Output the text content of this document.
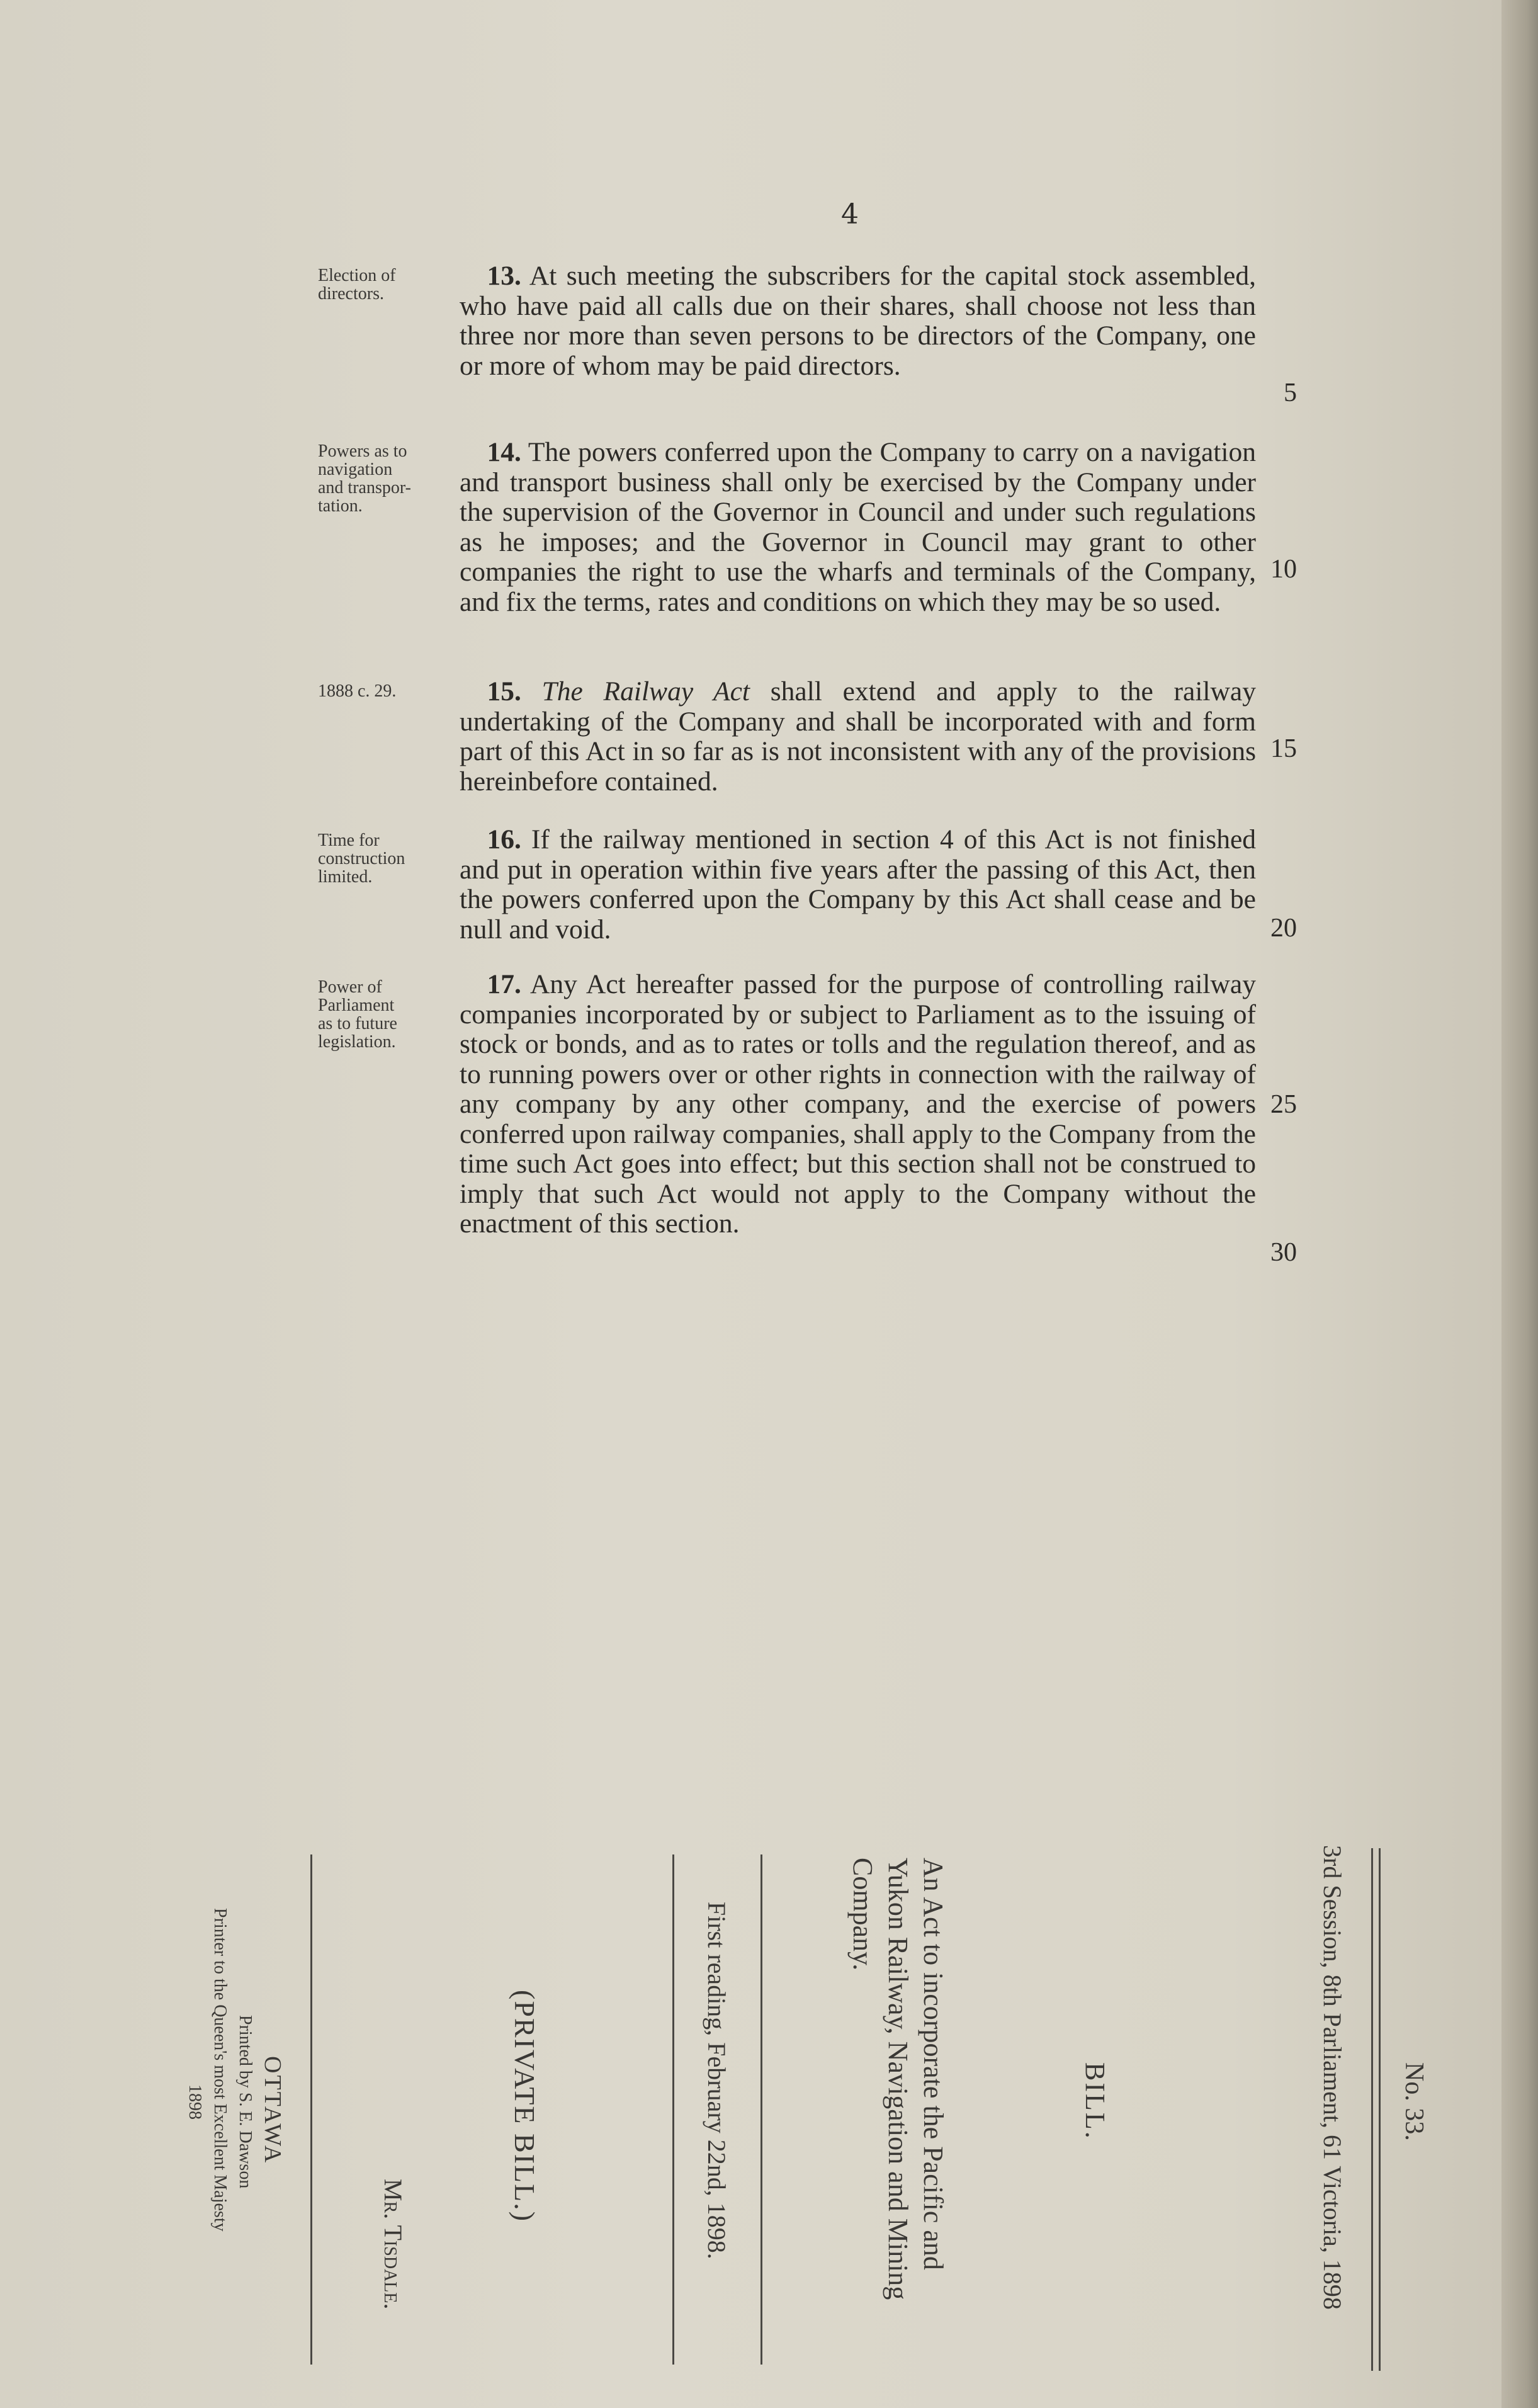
4
Election of
directors.
 13. At such meeting the subscribers for the capital stock assembled, who have paid all calls due on their shares, shall choose not less than three nor more than seven persons to be directors of the Company, one or more of whom may be paid directors.
Powers as to
navigation
and transpor-
tation.
 14. The powers conferred upon the Company to carry on a navigation and transport business shall only be exercised by the Company under the supervision of the Governor in Council and under such regulations as he imposes; and the Governor in Council may grant to other companies the right to use the wharfs and terminals of the Company, and fix the terms, rates and conditions on which they may be so used.
1888 c. 29.
 	15. The Railway Act shall extend and apply to the railway undertaking of the Company and shall be incorporated with and form part of this Act in so far as is not inconsistent with any of the provisions hereinbefore contained.
Time for
construction
limited.
 16. If the railway mentioned in section 4 of this Act is not finished and put in operation within five years after the passing of this Act, then the powers conferred upon the Company by this Act shall cease and be null and void.
Power of
Parliament
as to future
legislation.
 17. Any Act hereafter passed for the purpose of controlling railway companies incorporated by or subject to Parliament as to the issuing of stock or bonds, and as to rates or tolls and the regulation thereof, and as to running powers over or other rights in connection with the railway of any company by any other company, and the exercise of powers conferred upon railway companies, shall apply to the Company from the time such Act goes into effect; but this section shall not be construed to imply that such Act would not apply to the Company without the enactment of this section.
5
10
15
20
25
30
3rd Session, 8th Parliament, 61 Victoria, 1898 No. 33.
BILL.
An Act to incorporate the Pacific and
Yukon Railway, Navigation and Mining
Company.
First reading, February 22nd, 1898.
(PRIVATE BILL.)
Mr. Tisdale.
OTTAWA
Printed by S. E. Dawson
Printer to the Queen's most Excellent Majesty
1898
